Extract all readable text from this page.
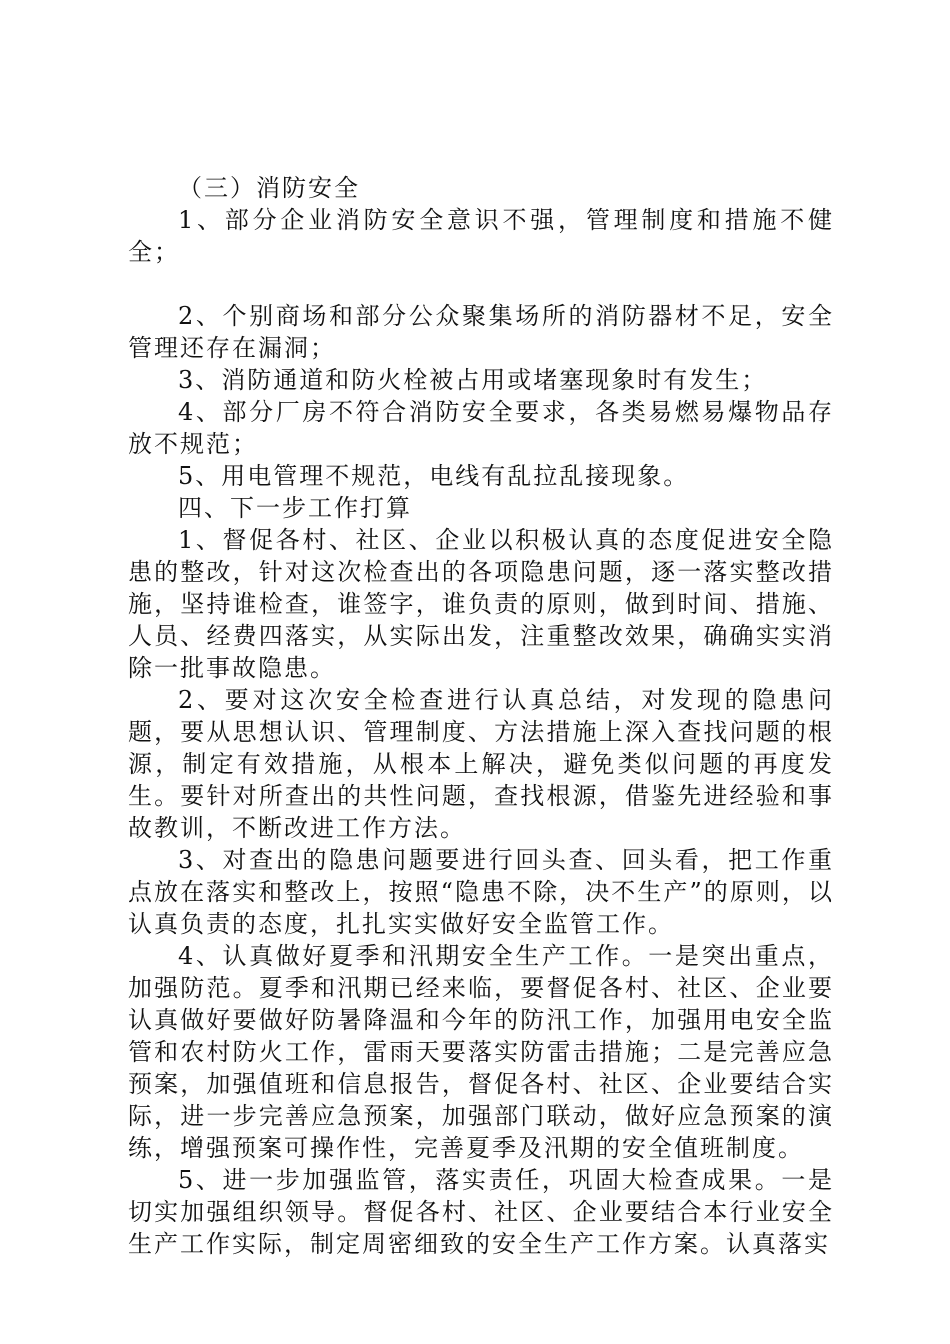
（三）消防安全

1、部分企业消防安全意识不强，管理制度和措施不健全；

2、个别商场和部分公众聚集场所的消防器材不足，安全管理还存在漏洞；

3、消防通道和防火栓被占用或堵塞现象时有发生；

4、部分厂房不符合消防安全要求，各类易燃易爆物品存放不规范；

5、用电管理不规范，电线有乱拉乱接现象。

四、下一步工作打算

1、督促各村、社区、企业以积极认真的态度促进安全隐患的整改，针对这次检查出的各项隐患问题，逐一落实整改措施，坚持谁检查，谁签字，谁负责的原则，做到时间、措施、人员、经费四落实，从实际出发，注重整改效果，确确实实消除一批事故隐患。

2、要对这次安全检查进行认真总结，对发现的隐患问题，要从思想认识、管理制度、方法措施上深入查找问题的根源，制定有效措施，从根本上解决，避免类似问题的再度发生。要针对所查出的共性问题，查找根源，借鉴先进经验和事故教训，不断改进工作方法。

3、对查出的隐患问题要进行回头查、回头看，把工作重点放在落实和整改上，按照“隐患不除，决不生产”的原则，以认真负责的态度，扎扎实实做好安全监管工作。

4、认真做好夏季和汛期安全生产工作。一是突出重点，加强防范。夏季和汛期已经来临，要督促各村、社区、企业要认真做好要做好防暑降温和今年的防汛工作，加强用电安全监管和农村防火工作，雷雨天要落实防雷击措施；二是完善应急预案，加强值班和信息报告，督促各村、社区、企业要结合实际，进一步完善应急预案，加强部门联动，做好应急预案的演练，增强预案可操作性，完善夏季及汛期的安全值班制度。

5、进一步加强监管，落实责任，巩固大检查成果。一是切实加强组织领导。督促各村、社区、企业要结合本行业安全生产工作实际，制定周密细致的安全生产工作方案。认真落实
